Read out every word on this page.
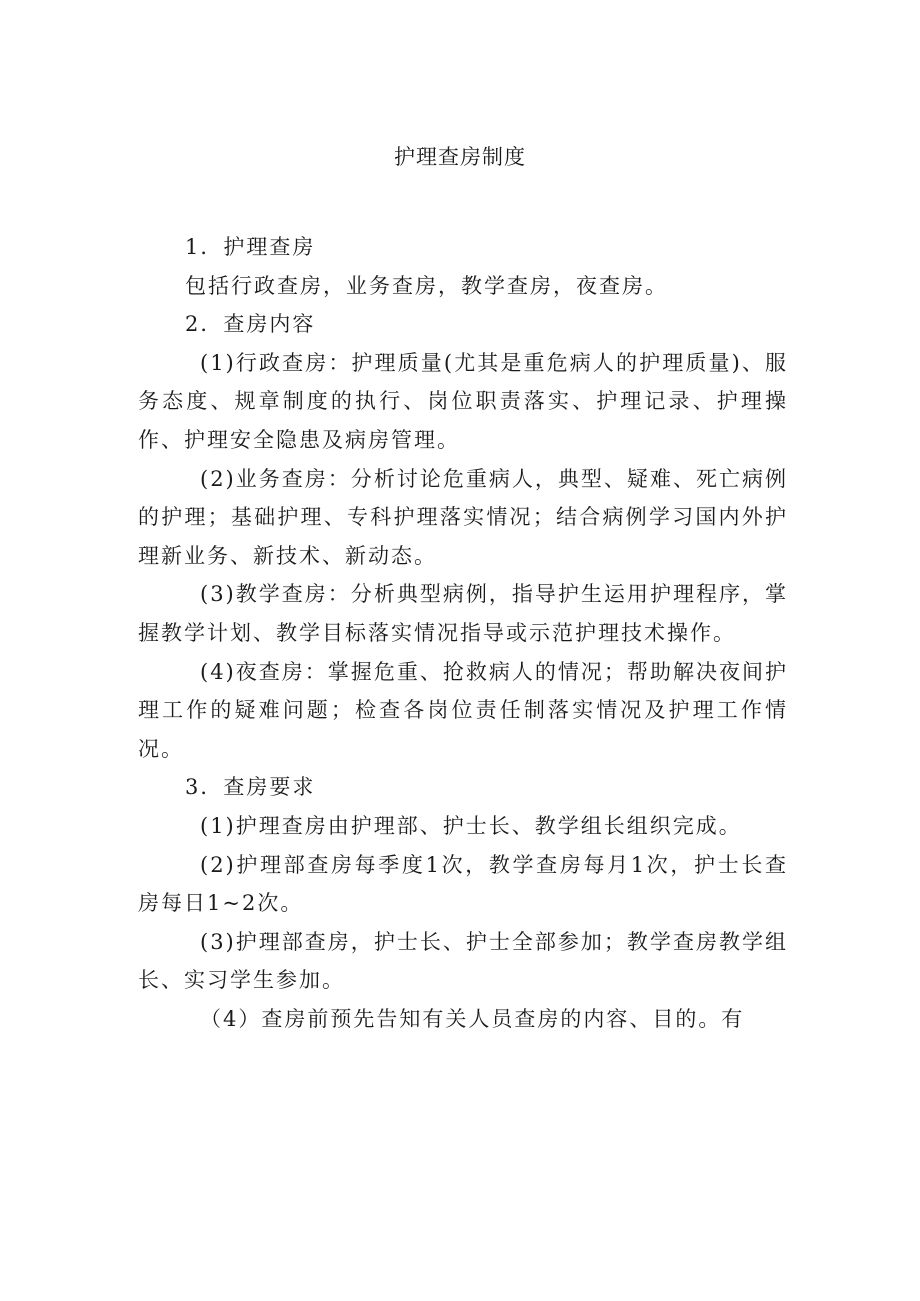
护理查房制度

1．护理查房

包括行政查房，业务查房，教学查房，夜查房。

2．查房内容

(1)行政查房：护理质量(尤其是重危病人的护理质量)、服务态度、规章制度的执行、岗位职责落实、护理记录、护理操作、护理安全隐患及病房管理。

(2)业务查房：分析讨论危重病人，典型、疑难、死亡病例的护理；基础护理、专科护理落实情况；结合病例学习国内外护理新业务、新技术、新动态。

(3)教学查房：分析典型病例，指导护生运用护理程序，掌握教学计划、教学目标落实情况指导或示范护理技术操作。

(4)夜查房：掌握危重、抢救病人的情况；帮助解决夜间护理工作的疑难问题；检查各岗位责任制落实情况及护理工作情况。

3．查房要求

(1)护理查房由护理部、护士长、教学组长组织完成。

(2)护理部查房每季度1次，教学查房每月1次，护士长查房每日1~2次。

(3)护理部查房，护士长、护士全部参加；教学查房教学组长、实习学生参加。

（4）查房前预先告知有关人员查房的内容、目的。有
